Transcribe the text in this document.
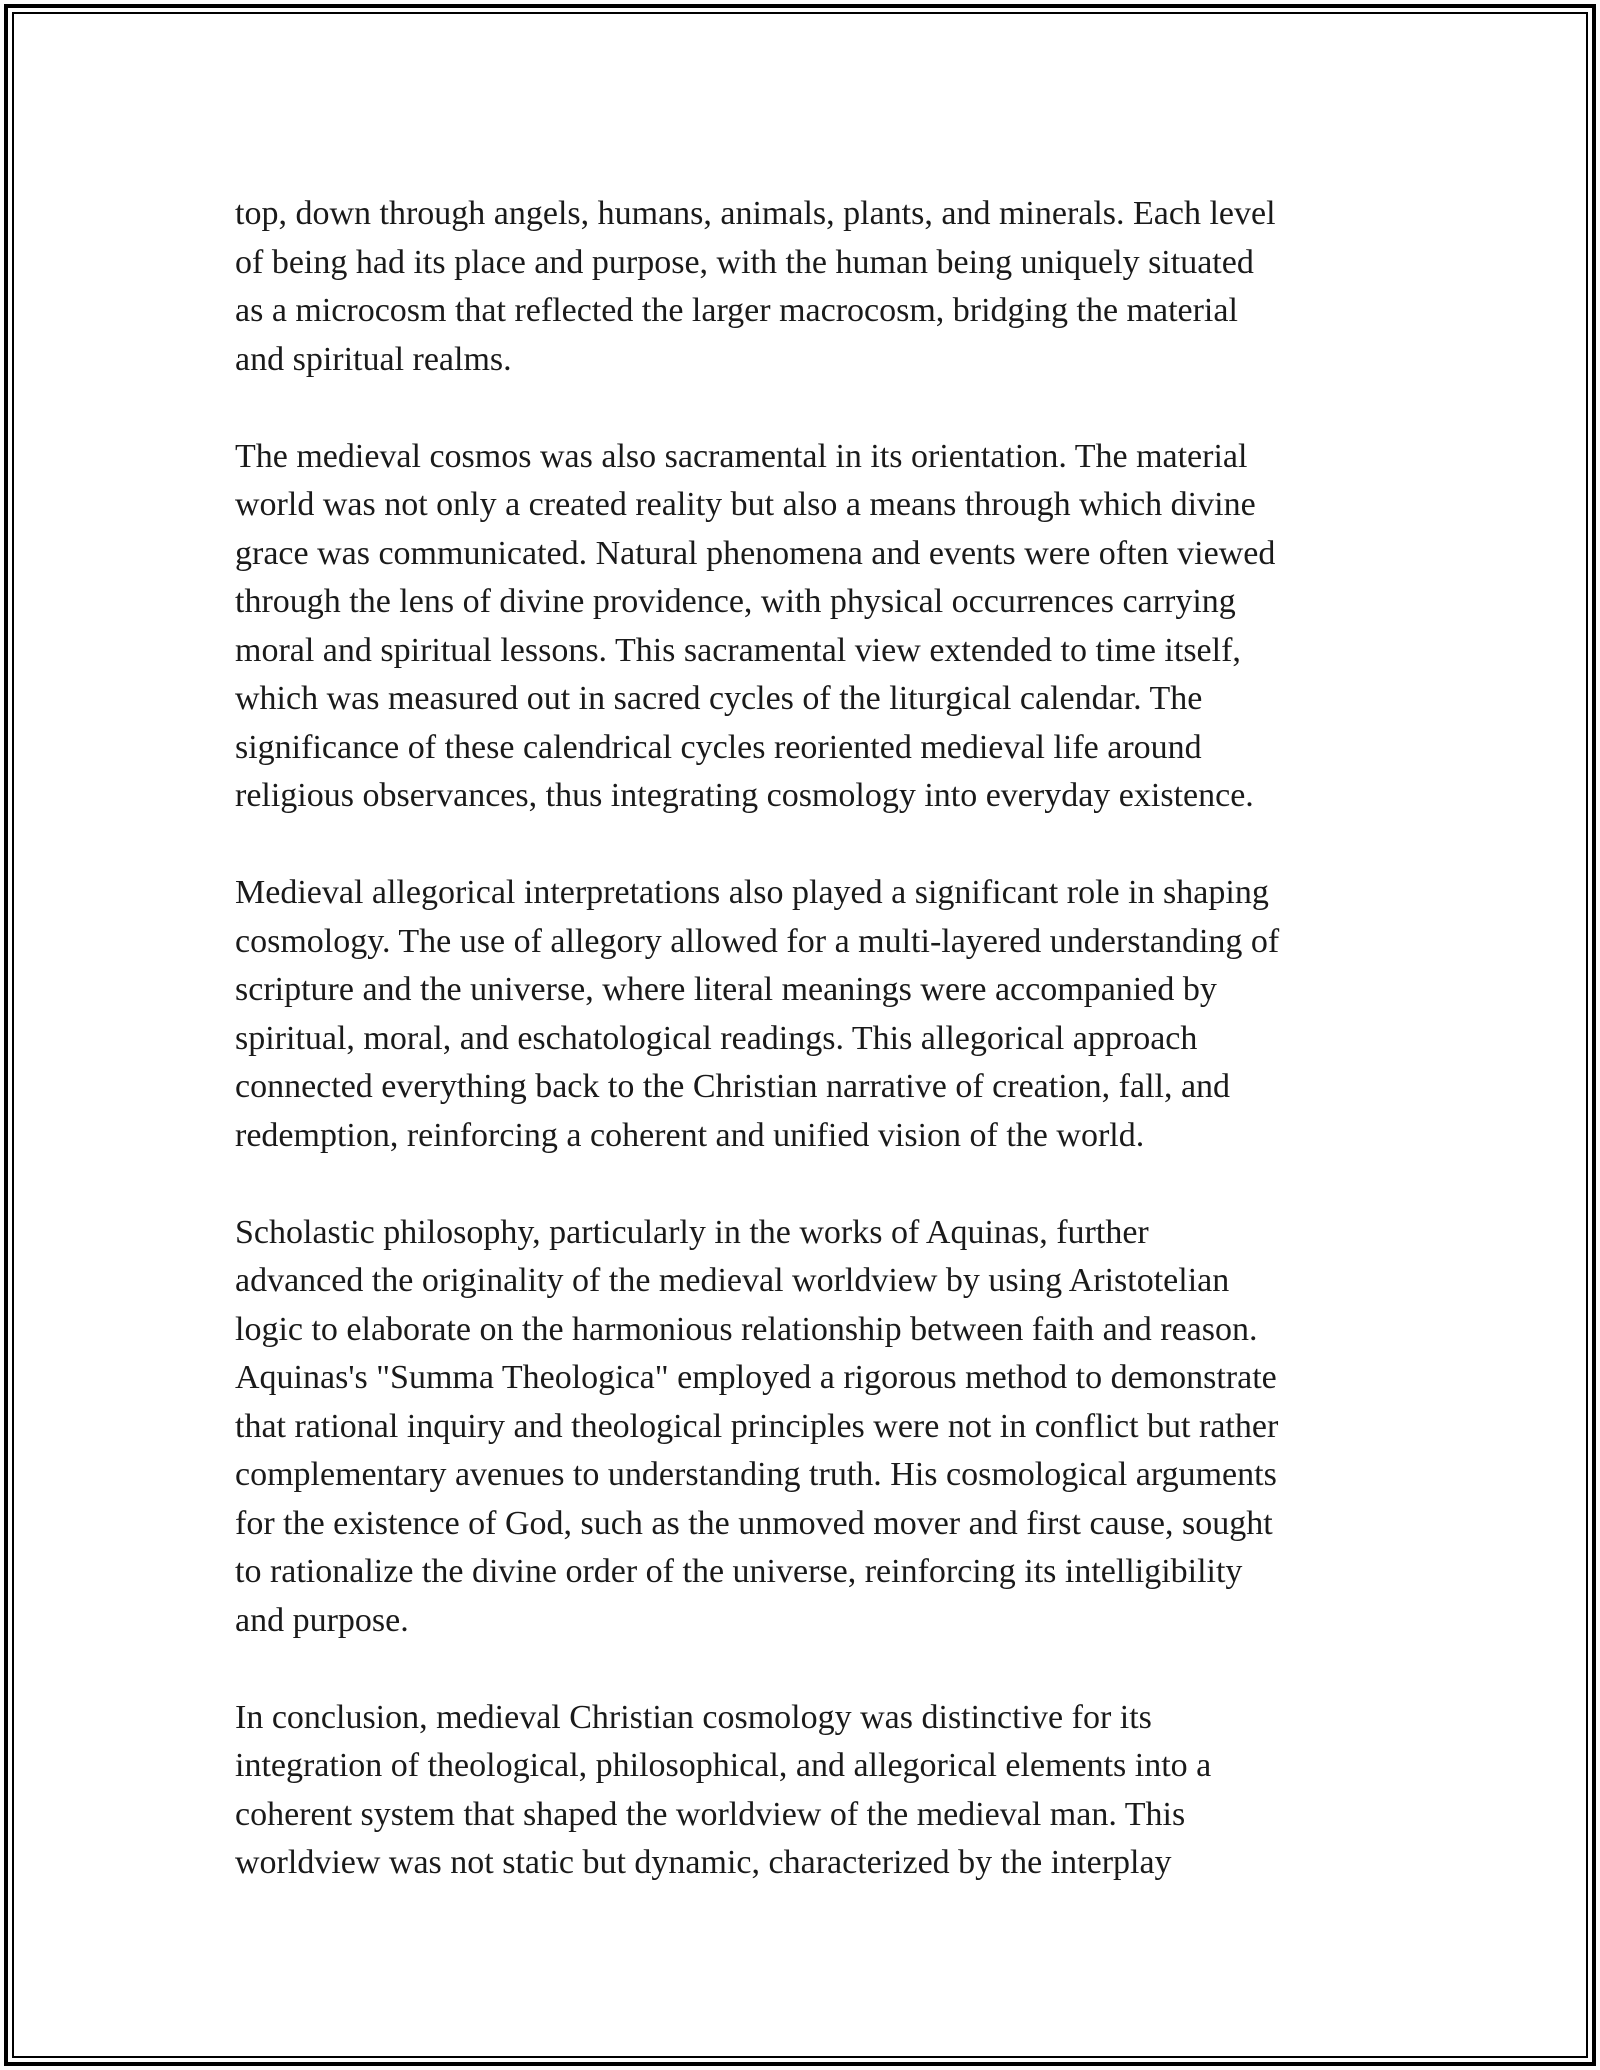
top, down through angels, humans, animals, plants, and minerals. Each level
of being had its place and purpose, with the human being uniquely situated
as a microcosm that reflected the larger macrocosm, bridging the material
and spiritual realms.

The medieval cosmos was also sacramental in its orientation. The material
world was not only a created reality but also a means through which divine
grace was communicated. Natural phenomena and events were often viewed
through the lens of divine providence, with physical occurrences carrying
moral and spiritual lessons. This sacramental view extended to time itself,
which was measured out in sacred cycles of the liturgical calendar. The
significance of these calendrical cycles reoriented medieval life around
religious observances, thus integrating cosmology into everyday existence.

Medieval allegorical interpretations also played a significant role in shaping
cosmology. The use of allegory allowed for a multi-layered understanding of
scripture and the universe, where literal meanings were accompanied by
spiritual, moral, and eschatological readings. This allegorical approach
connected everything back to the Christian narrative of creation, fall, and
redemption, reinforcing a coherent and unified vision of the world.

Scholastic philosophy, particularly in the works of Aquinas, further
advanced the originality of the medieval worldview by using Aristotelian
logic to elaborate on the harmonious relationship between faith and reason.
Aquinas's "Summa Theologica" employed a rigorous method to demonstrate
that rational inquiry and theological principles were not in conflict but rather
complementary avenues to understanding truth. His cosmological arguments
for the existence of God, such as the unmoved mover and first cause, sought
to rationalize the divine order of the universe, reinforcing its intelligibility
and purpose.

In conclusion, medieval Christian cosmology was distinctive for its
integration of theological, philosophical, and allegorical elements into a
coherent system that shaped the worldview of the medieval man. This
worldview was not static but dynamic, characterized by the interplay
